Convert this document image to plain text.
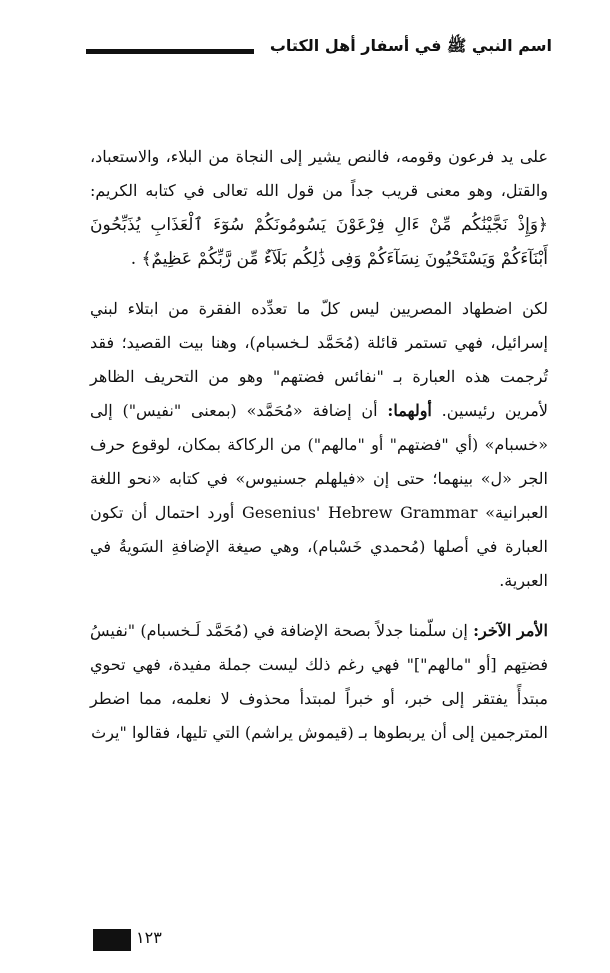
اسم النبي ﷺ في أسفار أهل الكتاب

على يد فرعون وقومه، فالنص يشير إلى النجاة من البلاء، والاستعباد، والقتل، وهو معنى قريب جداً من قول الله تعالى في كتابه الكريم: ﴿وَإِذْ نَجَّيْنَٰكُم مِّنْ ءَالِ فِرْعَوْنَ يَسُومُونَكُمْ سُوٓءَ ٱلْعَذَابِ يُذَبِّحُونَ أَبْنَآءَكُمْ وَيَسْتَحْيُونَ نِسَآءَكُمْ وَفِى ذَٰلِكُم بَلَآءٌ مِّن رَّبِّكُمْ عَظِيمٌ﴾ .

لكن اضطهاد المصريين ليس كلّ ما تعدِّده الفقرة من ابتلاء لبني إسرائيل، فهي تستمر قائلة (مُحَمَّد لـخسبام)، وهنا بيت القصيد؛ فقد تُرجمت هذه العبارة بـ "نفائس فضتهم" وهو من التحريف الظاهر لأمرين رئيسين. أولهما: أن إضافة «مُحَمَّد» (بمعنى "نفيس") إلى «خسبام» (أي "فضتهم" أو "مالهم") من الركاكة بمكان، لوقوع حرف الجر «ل» بينهما؛ حتى إن «فيلهلم جسنيوس» في كتابه «نحو اللغة العبرانية» Gesenius' Hebrew Grammar أورد احتمال أن تكون العبارة في أصلها (مُحمدي خَسْبام)، وهي صيغة الإضافةِ السَويةُ في العبرية.

الأمر الآخر: إن سلّمنا جدلاً بصحة الإضافة في (مُحَمَّد لَـخسبام) "نفيسُ فضتِهم [أو "مالهم"]" فهي رغم ذلك ليست جملة مفيدة، فهي تحوي مبتدأً يفتقر إلى خبر، أو خبراً لمبتدأ محذوف لا نعلمه، مما اضطر المترجمين إلى أن يربطوها بـ (قيموش يراشم) التي تليها، فقالوا "يرث

١٢٣
